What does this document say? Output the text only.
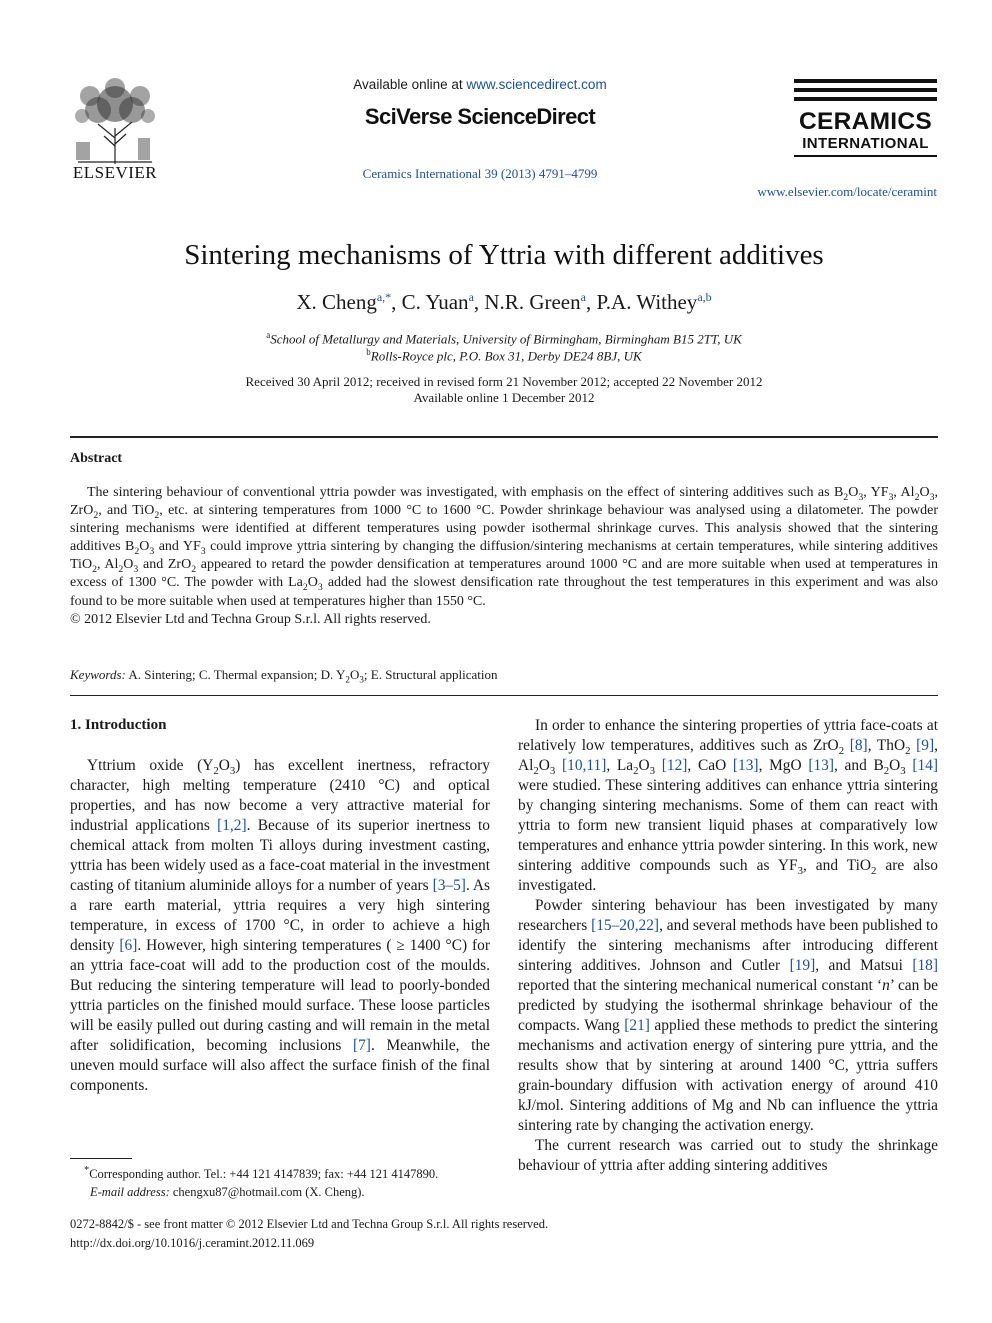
ELSEVIER
Available online at www.sciencedirect.com
SciVerse ScienceDirect
Ceramics International 39 (2013) 4791–4799
CERAMICS
INTERNATIONAL
www.elsevier.com/locate/ceramint
Sintering mechanisms of Yttria with different additives
X. Cheng$^{a,*}$, C. Yuan$^a$, N.R. Green$^a$, P.A. Withey$^{a,b}$
$^a$School of Metallurgy and Materials, University of Birmingham, Birmingham B15 2TT, UK
$^b$Rolls-Royce plc, P.O. Box 31, Derby DE24 8BJ, UK
Received 30 April 2012; received in revised form 21 November 2012; accepted 22 November 2012
Available online 1 December 2012
Abstract

The sintering behaviour of conventional yttria powder was investigated, with emphasis on the effect of sintering additives such as $B_2O_3$, $YF_3$, $Al_2O_3$, ZrO$_2$, and TiO$_2$, etc. at sintering temperatures from 1000 °C to 1600 °C. Powder shrinkage behaviour was analysed using a dilatometer. The powder sintering mechanisms were identified at different temperatures using powder isothermal shrinkage curves. This analysis showed that the sintering additives $B_2O_3$ and $YF_3$ could improve yttria sintering by changing the diffusion/sintering mechanisms at certain temperatures, while sintering additives TiO$_2$, $Al_2O_3$ and ZrO$_2$ appeared to retard the powder densification at temperatures around 1000 °C and are more suitable when used at temperatures in excess of 1300 °C. The powder with $La_2O_3$ added had the slowest densification rate throughout the test temperatures in this experiment and was also found to be more suitable when used at temperatures higher than 1550 °C.

© 2012 Elsevier Ltd and Techna Group S.r.l. All rights reserved.

Keywords: A. Sintering; C. Thermal expansion; D. $Y_2O_3$; E. Structural application
1. Introduction

Yttrium oxide $(Y_2O_3)$ has excellent inertness, refractory character, high melting temperature (2410 °C) and optical properties, and has now become a very attractive material for industrial applications [1,2]. Because of its superior inertness to chemical attack from molten Ti alloys during investment casting, yttria has been widely used as a face-coat material in the investment casting of titanium aluminide alloys for a number of years [3–5]. As a rare earth material, yttria requires a very high sintering temperature, in excess of 1700 °C, in order to achieve a high density [6]. However, high sintering temperatures ( ≥ 1400 °C) for an yttria face-coat will add to the production cost of the moulds. But reducing the sintering temperature will lead to poorly-bonded yttria particles on the finished mould surface. These loose particles will be easily pulled out during casting and will remain in the metal after solidification, becoming inclusions [7]. Meanwhile, the uneven mould surface will also affect the surface finish of the final components.

In order to enhance the sintering properties of yttria face-coats at relatively low temperatures, additives such as ZrO$_2$ [8], ThO$_2$ [9], $Al_2O_3$ [10,11], $La_2O_3$ [12], CaO [13], MgO [13], and $B_2O_3$ [14] were studied. These sintering additives can enhance yttria sintering by changing sintering mechanisms. Some of them can react with yttria to form new transient liquid phases at comparatively low temperatures and enhance yttria powder sintering. In this work, new sintering additive compounds such as $YF_3$, and TiO$_2$ are also investigated.

Powder sintering behaviour has been investigated by many researchers [15–20,22], and several methods have been published to identify the sintering mechanisms after introducing different sintering additives. Johnson and Cutler [19], and Matsui [18] reported that the sintering mechanical numerical constant ‘n’ can be predicted by studying the isothermal shrinkage behaviour of the compacts. Wang [21] applied these methods to predict the sintering mechanisms and activation energy of sintering pure yttria, and the results show that by sintering at around 1400 °C, yttria suffers grain-boundary diffusion with activation energy of around 410 kJ/mol. Sintering additions of Mg and Nb can influence the yttria sintering rate by changing the activation energy.

The current research was carried out to study the shrinkage behaviour of yttria after adding sintering additives

*Corresponding author. Tel.: +44 121 4147839; fax: +44 121 4147890.
E-mail address: chengxu87@hotmail.com (X. Cheng).
0272-8842/$ - see front matter © 2012 Elsevier Ltd and Techna Group S.r.l. All rights reserved.
http://dx.doi.org/10.1016/j.ceramint.2012.11.069
